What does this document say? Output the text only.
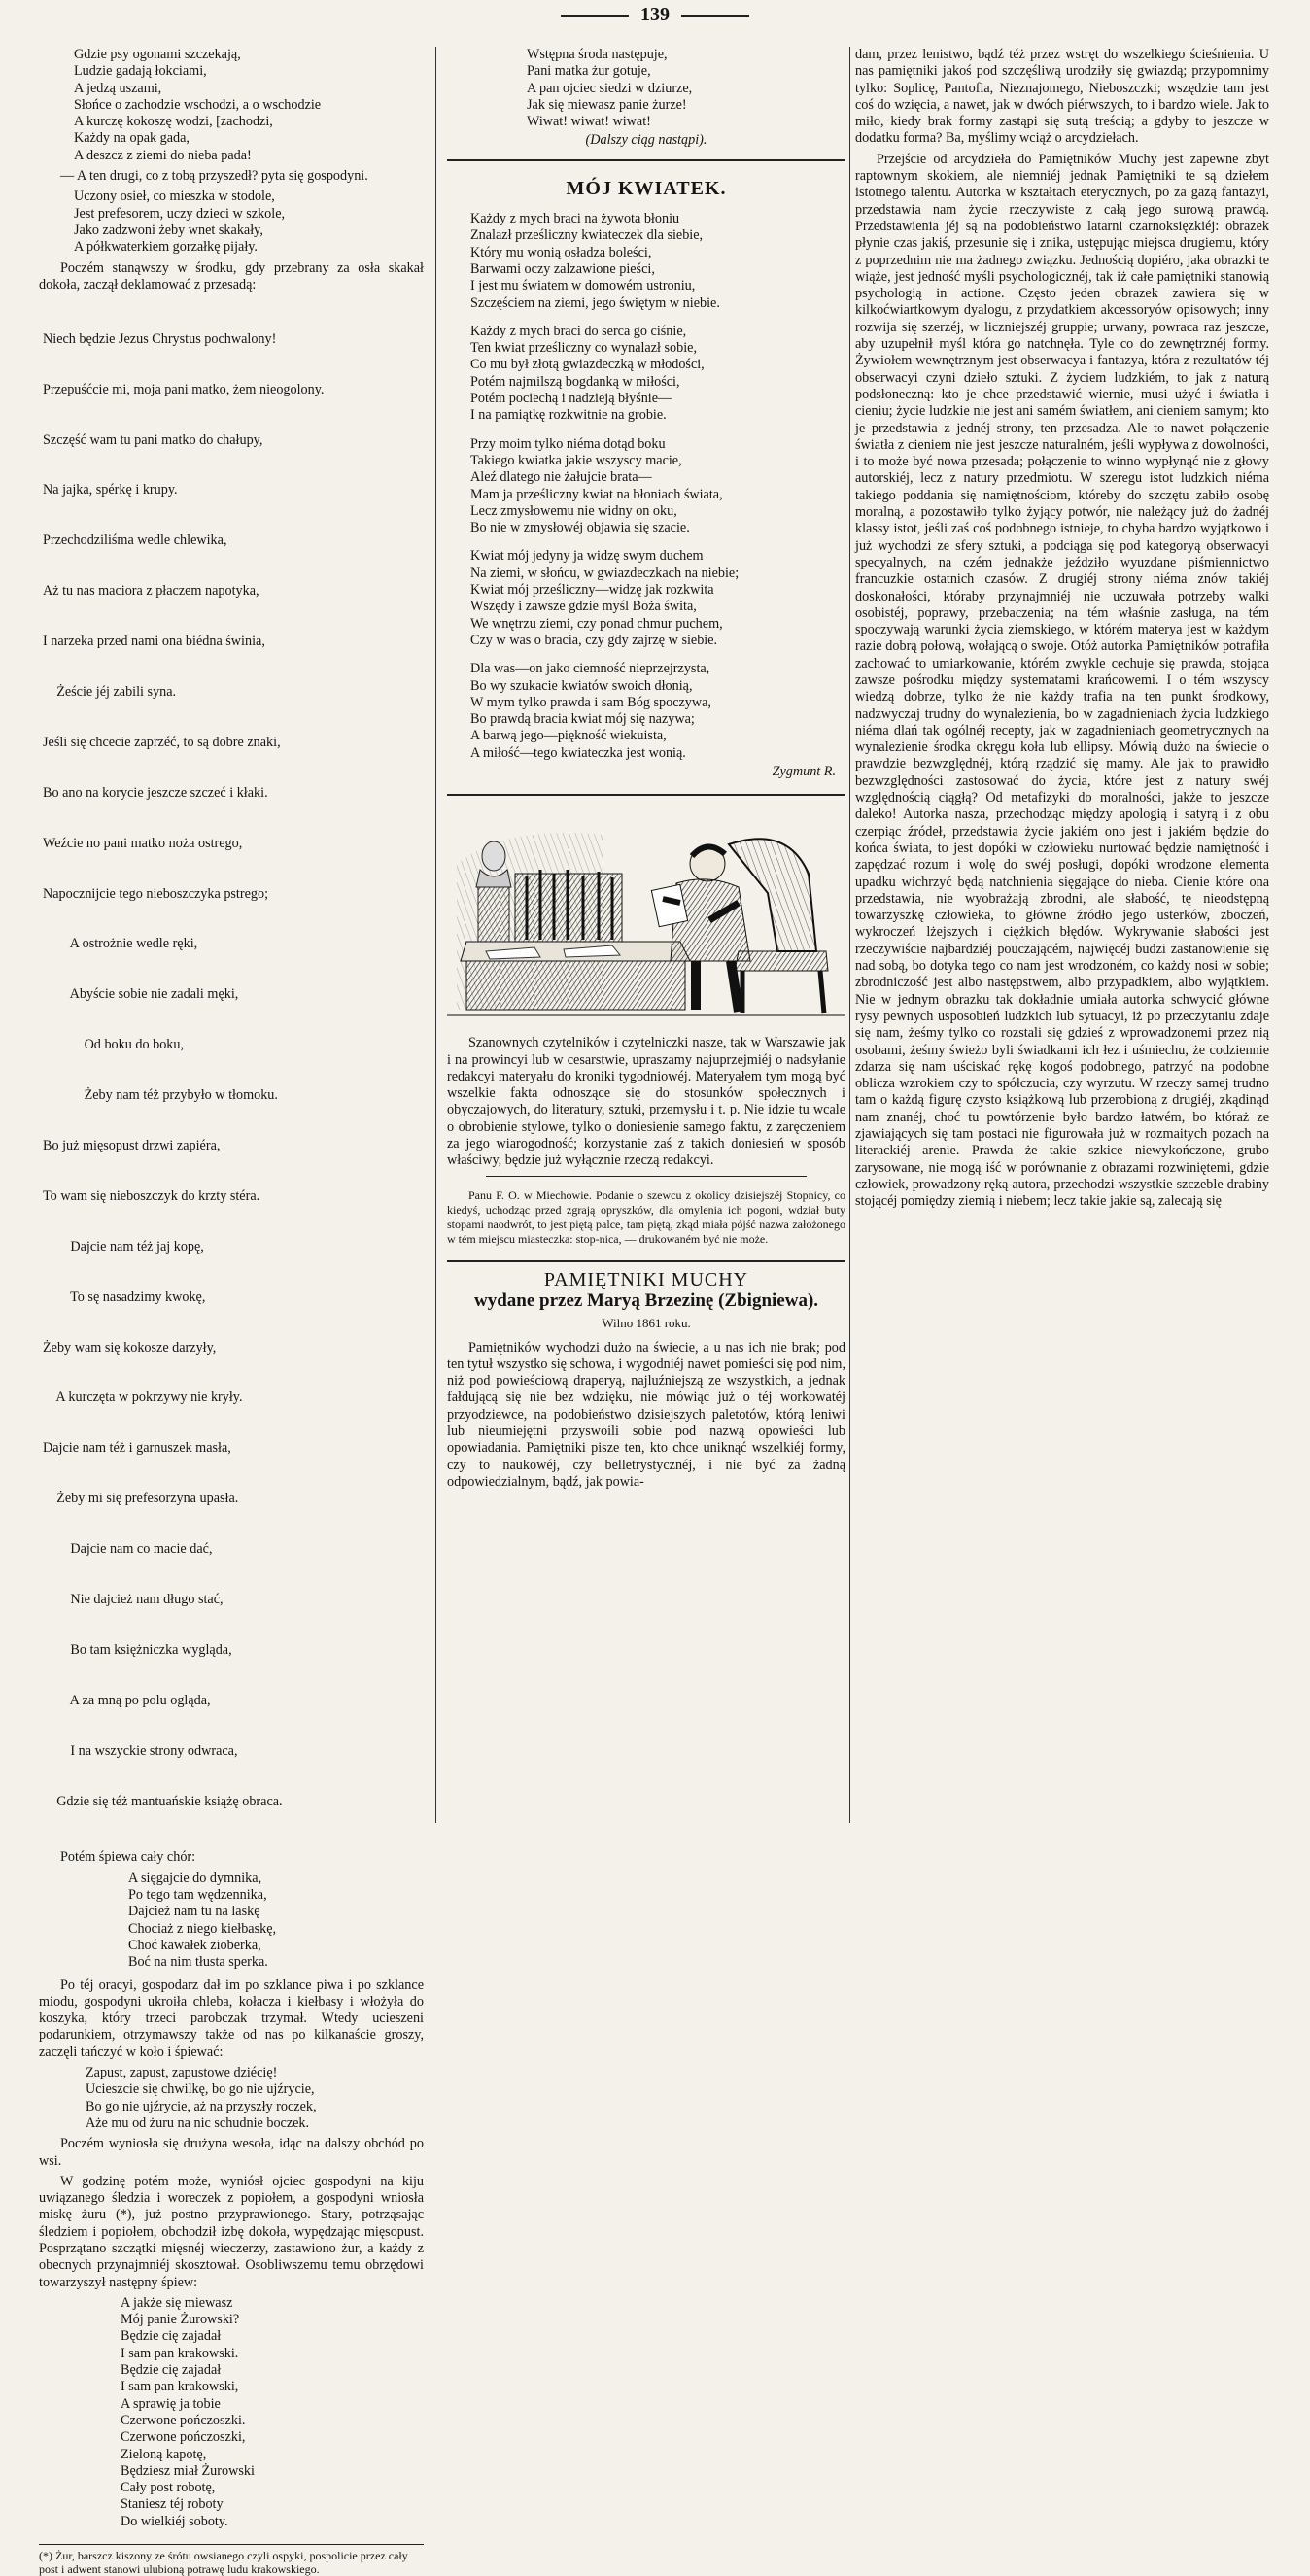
139
Gdzie psy ogonami szczekają,
Ludzie gadają łokciami,
A jedzą uszami,
Słońce o zachodzie wschodzi, a o wschodzie
A kurczę kokoszę wodzi, [zachodzi,
Każdy na opak gada,
A deszcz z ziemi do nieba pada!

— A ten drugi, co z tobą przyszedł? pyta się gospodyni.

Uczony osieł, co mieszka w stodole,
Jest prefesorem, uczy dzieci w szkole,
Jako zadzwoni żeby wnet skakały,
A półkwaterkiem gorzałkę pijały.

Poczém stanąwszy w środku, gdy przebrany za osła skakał dokoła, zaczął deklamować z przesadą:

Niech będzie Jezus Chrystus pochwalony!

Przepuśćcie mi, moja pani matko, żem nieogolony.

Szczęść wam tu pani matko do chałupy,

Na jajka, spérkę i krupy.

Przechodziliśma wedle chlewika,

Aż tu nas maciora z płaczem napotyka,

I narzeka przed nami ona biédna świnia,

Żeście jéj zabili syna.

Jeśli się chcecie zaprzéć, to są dobre znaki,

Bo ano na korycie jeszcze szczeć i kłaki.

Weźcie no pani matko noża ostrego,

Napocznijcie tego nieboszczyka pstrego;

A ostrożnie wedle ręki,

Abyście sobie nie zadali męki,

Od boku do boku,

Żeby nam téż przybyło w tłomoku.

Bo już mięsopust drzwi zapiéra,

To wam się nieboszczyk do krzty stéra.

Dajcie nam téż jaj kopę,

To sę nasadzimy kwokę,

Żeby wam się kokosze darzyły,

A kurczęta w pokrzywy nie kryły.

Dajcie nam téż i garnuszek masła,

Żeby mi się prefesorzyna upasła.

Dajcie nam co macie dać,

Nie dajcież nam długo stać,

Bo tam księżniczka wygląda,

A za mną po polu ogląda,

I na wszyckie strony odwraca,

Gdzie się téż mantuańskie książę obraca.

Potém śpiewa cały chór:

A sięgajcie do dymnika,
Po tego tam wędzennika,
Dajcież nam tu na laskę
Chociaż z niego kiełbaskę,
Choć kawałek zioberka,
Boć na nim tłusta sperka.

Po téj oracyi, gospodarz dał im po szklance piwa i po szklance miodu, gospodyni ukroiła chleba, kołacza i kiełbasy i włożyła do koszyka, który trzeci parobczak trzymał. Wtedy ucieszeni podarunkiem, otrzymawszy także od nas po kilkanaście groszy, zaczęli tańczyć w koło i śpiewać:

Zapust, zapust, zapustowe dziécię!
Ucieszcie się chwilkę, bo go nie ujźrycie,
Bo go nie ujźrycie, aż na przyszły roczek,
Aże mu od żuru na nic schudnie boczek.

Poczém wyniosła się drużyna wesoła, idąc na dalszy obchód po wsi.

W godzinę potém może, wyniósł ojciec gospodyni na kiju uwiązanego śledzia i woreczek z popiołem, a gospodyni wniosła miskę żuru (*), już postno przyprawionego. Stary, potrząsając śledziem i popiołem, obchodził izbę dokoła, wypędzając mięsopust. Posprzątano szczątki mięsnéj wieczerzy, zastawiono żur, a każdy z obecnych przynajmniéj skosztował. Osobliwszemu temu obrzędowi towarzyszył następny śpiew:

A jakże się miewasz
Mój panie Żurowski?
Będzie cię zajadał
I sam pan krakowski.
Będzie cię zajadał
I sam pan krakowski,
A sprawię ja tobie
Czerwone pończoszki.
Czerwone pończoszki,
Zieloną kapotę,
Będziesz miał Żurowski
Cały post robotę,
Staniesz téj roboty
Do wielkiéj soboty.
(*) Żur, barszcz kiszony ze śrótu owsianego czyli ospyki, pospolicie przez cały post i adwent stanowi ulubioną potrawę ludu krakowskiego.
Wstępna środa następuje,
Pani matka żur gotuje,
A pan ojciec siedzi w dziurze,
Jak się miewasz panie żurze!
Wiwat! wiwat! wiwat!
(Dalszy ciąg nastąpi).
MÓJ KWIATEK.
Każdy z mych braci na żywota błoniu
Znalazł prześliczny kwiateczek dla siebie,
Który mu wonią osładza boleści,
Barwami oczy zalzawione pieści,
I jest mu światem w domowém ustroniu,
Szczęściem na ziemi, jego świętym w niebie.
Każdy z mych braci do serca go ciśnie,
Ten kwiat prześliczny co wynalazł sobie,
Co mu był złotą gwiazdeczką w młodości,
Potém najmilszą bogdanką w miłości,
Potém pociechą i nadzieją błyśnie—
I na pamiątkę rozkwitnie na grobie.
Przy moim tylko niéma dotąd boku
Takiego kwiatka jakie wszyscy macie,
Aleź dlatego nie żałujcie brata—
Mam ja prześliczny kwiat na błoniach świata,
Lecz zmysłowemu nie widny on oku,
Bo nie w zmysłowéj objawia się szacie.
Kwiat mój jedyny ja widzę swym duchem
Na ziemi, w słońcu, w gwiazdeczkach na niebie;
Kwiat mój prześliczny—widzę jak rozkwita
Wszędy i zawsze gdzie myśl Boża świta,
We wnętrzu ziemi, czy ponad chmur puchem,
Czy w was o bracia, czy gdy zajrzę w siebie.
Dla was—on jako ciemność nieprzejrzysta,
Bo wy szukacie kwiatów swoich dłonią,
W mym tylko prawda i sam Bóg spoczywa,
Bo prawdą bracia kwiat mój się nazywa;
A barwą jego—piękność wiekuista,
A miłość—tego kwiateczka jest wonią.
Zygmunt R.

Szanownych czytelników i czytelniczki nasze, tak w Warszawie jak i na prowincyi lub w cesarstwie, upraszamy najuprzejmiéj o nadsyłanie redakcyi materyału do kroniki tygodniowéj. Materyałem tym mogą być wszelkie fakta odnoszące się do stosunków społecznych i obyczajowych, do literatury, sztuki, przemysłu i t. p. Nie idzie tu wcale o obrobienie stylowe, tylko o doniesienie samego faktu, z zaręczeniem za jego wiarogodność; korzystanie zaś z takich doniesień w sposób właściwy, będzie już wyłącznie rzeczą redakcyi.

Panu F. O. w Miechowie. Podanie o szewcu z okolicy dzisiejszéj Stopnicy, co kiedyś, uchodząc przed zgrają opryszków, dla omylenia ich pogoni, wdział buty stopami naodwrót, to jest piętą palce, tam piętą, zkąd miała pójść nazwa założonego w tém miejscu miasteczka: stop-nica, — drukowaném być nie może.

PAMIĘTNIKI MUCHY
wydane przez Maryą Brzezinę (Zbigniewa).
Wilno 1861 roku.

Pamiętników wychodzi dużo na świecie, a u nas ich nie brak; pod ten tytuł wszystko się schowa, i wygodniéj nawet pomieści się pod nim, niż pod powieściową draperyą, najluźniejszą ze wszystkich, a jednak fałdującą się nie bez wdzięku, nie mówiąc już o téj workowatéj przyodziewce, na podobieństwo dzisiejszych paletotów, którą leniwi lub nieumiejętni przyswoili sobie pod nazwą opowieści lub opowiadania. Pamiętniki pisze ten, kto chce uniknąć wszelkiéj formy, czy to naukowéj, czy belletrystycznéj, i nie być za żadną odpowiedzialnym, bądź, jak powia-

dam, przez lenistwo, bądź téż przez wstręt do wszelkiego ścieśnienia. U nas pamiętniki jakoś pod szczęśliwą urodziły się gwiazdą; przypomnimy tylko: Soplicę, Pantofla, Nieznajomego, Nieboszczki; wszędzie tam jest coś do wzięcia, a nawet, jak w dwóch piérwszych, to i bardzo wiele. Jak to miło, kiedy brak formy zastąpi się sutą treścią; a gdyby to jeszcze w dodatku forma? Ba, myślimy wciąż o arcydziełach.

Przejście od arcydzieła do Pamiętników Muchy jest zapewne zbyt raptownym skokiem, ale niemniéj jednak Pamiętniki te są dziełem istotnego talentu. Autorka w kształtach eterycznych, po za gazą fantazyi, przedstawia nam życie rzeczywiste z całą jego surową prawdą. Przedstawienia jéj są na podobieństwo latarni czarnoksięzkiéj: obrazek płynie czas jakiś, przesunie się i znika, ustępując miejsca drugiemu, który z poprzednim nie ma żadnego związku. Jednością dopiéro, jaka obrazki te wiąże, jest jedność myśli psychologicznéj, tak iż całe pamiętniki stanowią psychologią in actione. Często jeden obrazek zawiera się w kilkoćwiartkowym dyalogu, z przydatkiem akcessoryów opisowych; inny rozwija się szerzéj, w liczniejszéj gruppie; urwany, powraca raz jeszcze, aby uzupełnił myśl która go natchnęła. Tyle co do zewnętrznéj formy. Żywiołem wewnętrznym jest obserwacya i fantazya, która z rezultatów téj obserwacyi czyni dzieło sztuki. Z życiem ludzkiém, to jak z naturą podsłoneczną: kto je chce przedstawić wiernie, musi użyć i światła i cieniu; życie ludzkie nie jest ani samém światłem, ani cieniem samym; kto je przedstawia z jednéj strony, ten przesadza. Ale to nawet połączenie światła z cieniem nie jest jeszcze naturalném, jeśli wypływa z dowolności, i to może być nowa przesada; połączenie to winno wypłynąć nie z głowy autorskiéj, lecz z natury przedmiotu. W szeregu istot ludzkich niéma takiego poddania się namiętnościom, któreby do szczętu zabiło osobę moralną, a pozostawiło tylko żyjący potwór, nie należący już do żadnéj klassy istot, jeśli zaś coś podobnego istnieje, to chyba bardzo wyjątkowo i już wychodzi ze sfery sztuki, a podciąga się pod kategoryą obserwacyi specyalnych, na czém jednakże jeździło wyuzdane piśmiennictwo francuzkie ostatnich czasów. Z drugiéj strony niéma znów takiéj doskonałości, któraby przynajmniéj nie uczuwała potrzeby walki osobistéj, poprawy, przebaczenia; na tém właśnie zasługa, na tém spoczywają warunki życia ziemskiego, w którém materya jest w każdym razie dobrą połową, wołającą o swoje. Otóż autorka Pamiętników potrafiła zachować to umiarkowanie, którém zwykle cechuje się prawda, stojąca zawsze pośrodku między systematami krańcowemi. I o tém wszyscy wiedzą dobrze, tylko że nie każdy trafia na ten punkt środkowy, nadzwyczaj trudny do wynalezienia, bo w zagadnieniach życia ludzkiego niéma dlań tak ogólnéj recepty, jak w zagadnieniach geometrycznych na wynalezienie środka okręgu koła lub ellipsy. Mówią dużo na świecie o prawdzie bezwzględnéj, którą rządzić się mamy. Ale jak to prawidło bezwzględności zastosować do życia, które jest z natury swéj względnością ciągłą? Od metafizyki do moralności, jakże to jeszcze daleko! Autorka nasza, przechodząc między apologią i satyrą i z obu czerpiąc źródeł, przedstawia życie jakiém ono jest i jakiém będzie do końca świata, to jest dopóki w człowieku nurtować będzie namiętność i zapędzać rozum i wolę do swéj posługi, dopóki wrodzone elementa upadku wichrzyć będą natchnienia sięgające do nieba. Cienie które ona przedstawia, nie wyobrażają zbrodni, ale słabość, tę nieodstępną towarzyszkę człowieka, to główne źródło jego usterków, zboczeń, wykroczeń lżejszych i ciężkich błędów. Wykrywanie słabości jest rzeczywiście najbardziéj pouczającém, najwięcéj budzi zastanowienie się nad sobą, bo dotyka tego co nam jest wrodzoném, co każdy nosi w sobie; zbrodniczość jest albo następstwem, albo przypadkiem, albo wyjątkiem. Nie w jednym obrazku tak dokładnie umiała autorka schwycić główne rysy pewnych usposobień ludzkich lub sytuacyi, iż po przeczytaniu zdaje się nam, żeśmy tylko co rozstali się gdzieś z wprowadzonemi przez nią osobami, żeśmy świeżo byli świadkami ich łez i uśmiechu, że codziennie zdarza się nam uściskać rękę kogoś podobnego, patrzyć na podobne oblicza wzrokiem czy to spółczucia, czy wyrzutu. W rzeczy samej trudno tam o każdą figurę czysto książkową lub przerobioną z drugiéj, zkądinąd nam znanéj, choć tu powtórzenie było bardzo łatwém, bo któraż ze zjawiających się tam postaci nie figurowała już w rozmaitych pozach na literackiéj arenie. Prawda że takie szkice niewykończone, grubo zarysowane, nie mogą iść w porównanie z obrazami rozwiniętemi, gdzie człowiek, prowadzony ręką autora, przechodzi wszystkie szczeble drabiny stojącéj pomiędzy ziemią i niebem; lecz takie jakie są, zalecają się
